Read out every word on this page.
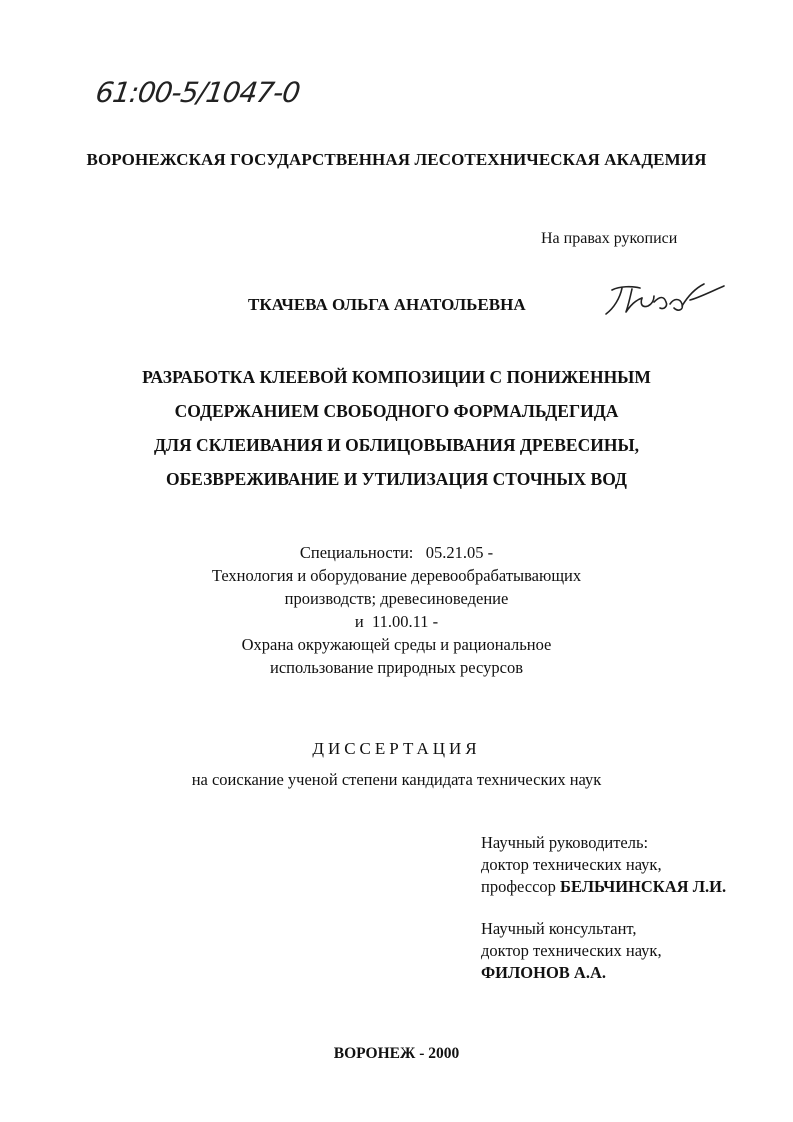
61:00-5/1047-0
ВОРОНЕЖСКАЯ ГОСУДАРСТВЕННАЯ ЛЕСОТЕХНИЧЕСКАЯ АКАДЕМИЯ
На правах рукописи
ТКАЧЕВА ОЛЬГА АНАТОЛЬЕВНА
РАЗРАБОТКА КЛЕЕВОЙ КОМПОЗИЦИИ С ПОНИЖЕННЫМ
СОДЕРЖАНИЕМ СВОБОДНОГО ФОРМАЛЬДЕГИДА
ДЛЯ СКЛЕИВАНИЯ И ОБЛИЦОВЫВАНИЯ ДРЕВЕСИНЫ,
ОБЕЗВРЕЖИВАНИЕ И УТИЛИЗАЦИЯ СТОЧНЫХ ВОД
Специальности:   05.21.05 -
Технология и оборудование деревообрабатывающих
производств; древесиноведение
и  11.00.11 -
Охрана окружающей среды и рациональное
использование природных ресурсов
ДИССЕРТАЦИЯ
на соискание ученой степени кандидата технических наук
Научный руководитель:
доктор технических наук,
профессор БЕЛЬЧИНСКАЯ Л.И.
Научный консультант,
доктор технических наук,
ФИЛОНОВ А.А.
ВОРОНЕЖ - 2000
